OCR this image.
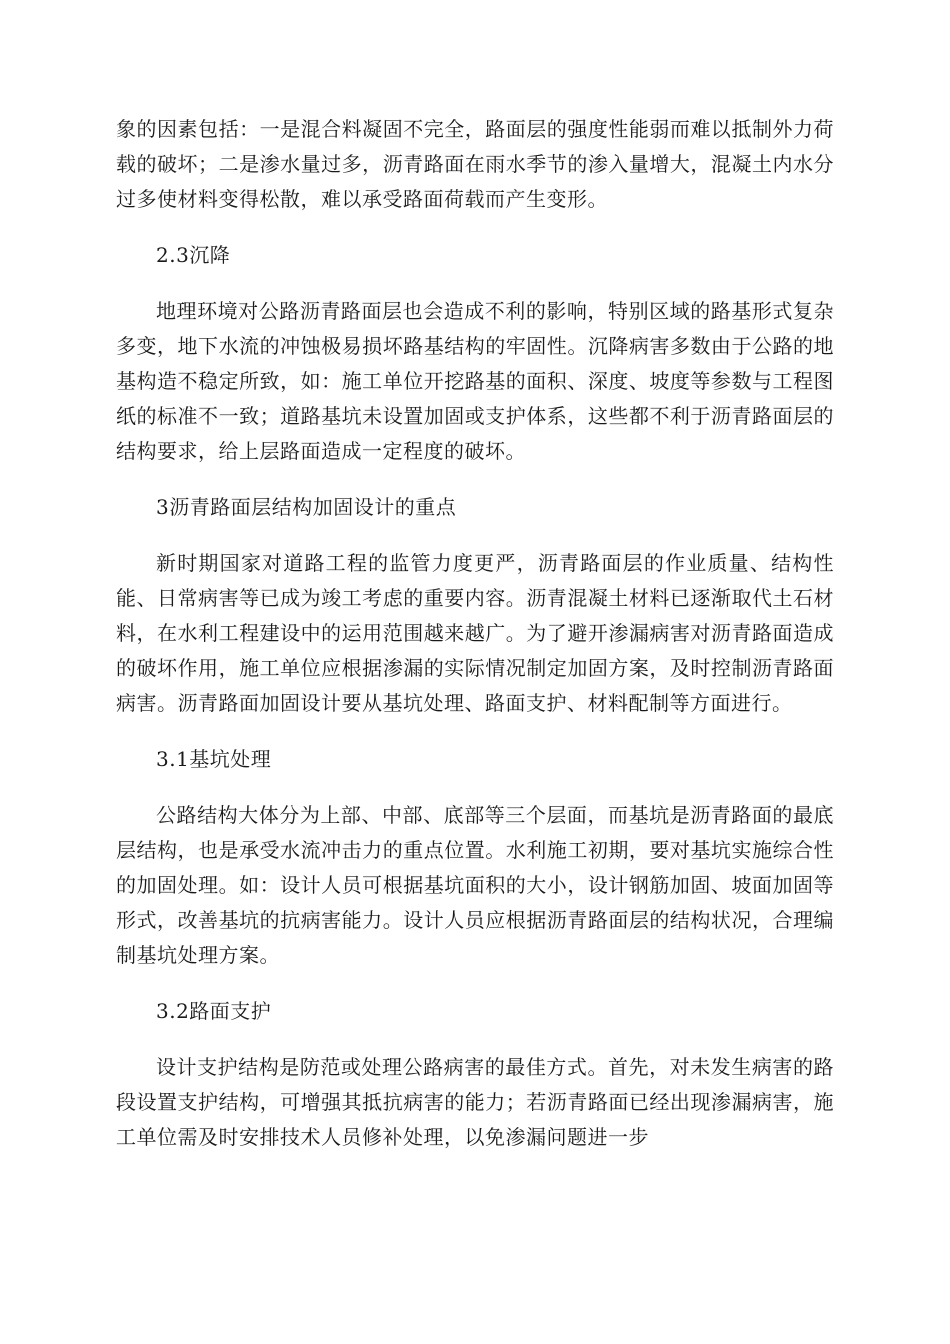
象的因素包括：一是混合料凝固不完全，路面层的强度性能弱而难以抵制外力荷载的破坏；二是渗水量过多，沥青路面在雨水季节的渗入量增大，混凝土内水分过多使材料变得松散，难以承受路面荷载而产生变形。

2.3沉降

地理环境对公路沥青路面层也会造成不利的影响，特别区域的路基形式复杂多变，地下水流的冲蚀极易损坏路基结构的牢固性。沉降病害多数由于公路的地基构造不稳定所致，如：施工单位开挖路基的面积、深度、坡度等参数与工程图纸的标准不一致；道路基坑未设置加固或支护体系，这些都不利于沥青路面层的结构要求，给上层路面造成一定程度的破坏。

3沥青路面层结构加固设计的重点

新时期国家对道路工程的监管力度更严，沥青路面层的作业质量、结构性能、日常病害等已成为竣工考虑的重要内容。沥青混凝土材料已逐渐取代土石材料，在水利工程建设中的运用范围越来越广。为了避开渗漏病害对沥青路面造成的破坏作用，施工单位应根据渗漏的实际情况制定加固方案，及时控制沥青路面病害。沥青路面加固设计要从基坑处理、路面支护、材料配制等方面进行。

3.1基坑处理

公路结构大体分为上部、中部、底部等三个层面，而基坑是沥青路面的最底层结构，也是承受水流冲击力的重点位置。水利施工初期，要对基坑实施综合性的加固处理。如：设计人员可根据基坑面积的大小，设计钢筋加固、坡面加固等形式，改善基坑的抗病害能力。设计人员应根据沥青路面层的结构状况，合理编制基坑处理方案。

3.2路面支护

设计支护结构是防范或处理公路病害的最佳方式。首先，对未发生病害的路段设置支护结构，可增强其抵抗病害的能力；若沥青路面已经出现渗漏病害，施工单位需及时安排技术人员修补处理，以免渗漏问题进一步
